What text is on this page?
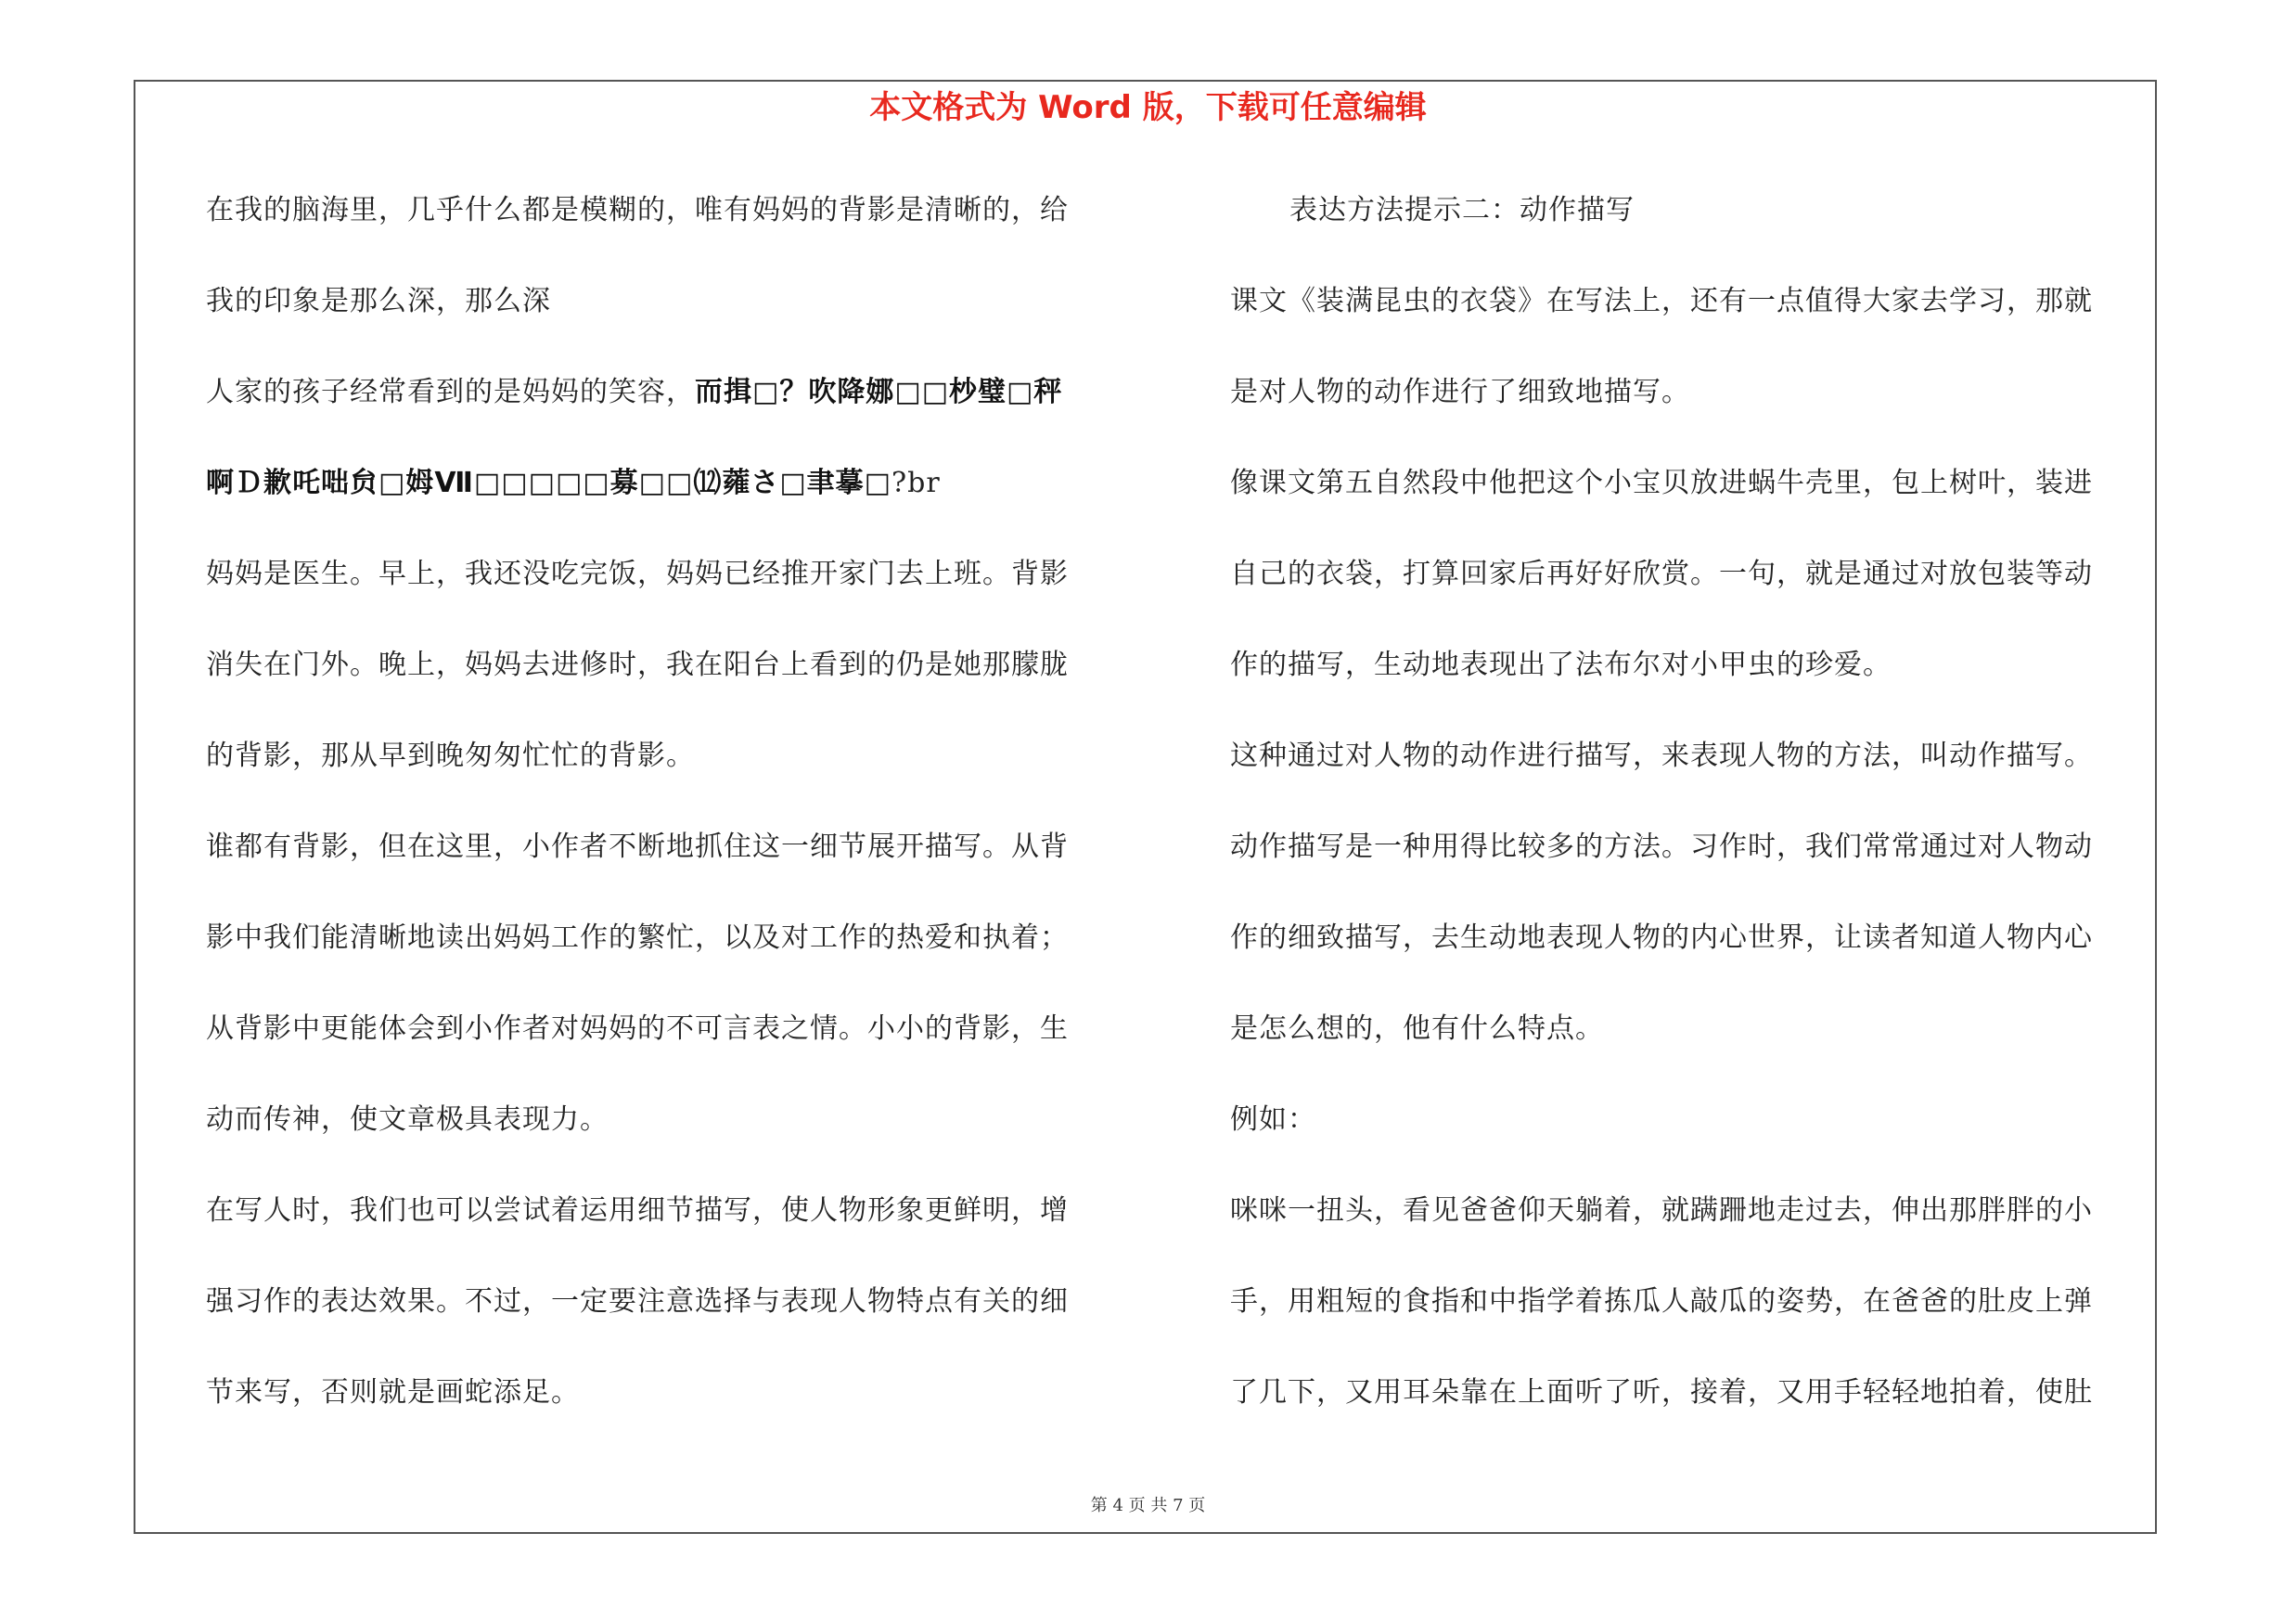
本文格式为 Word 版，下载可任意编辑
在我的脑海里，几乎什么都是模糊的，唯有妈妈的背影是清晰的，给
我的印象是那么深，那么深
人家的孩子经常看到的是妈妈的笑容，而揖□？吹降娜□□杪璧□秤
啊Ｄ歉吒咄贠□姆Ⅶ□□□□□募□□⑿蕹さ□聿摹□?br
妈妈是医生。早上，我还没吃完饭，妈妈已经推开家门去上班。背影
消失在门外。晚上，妈妈去进修时，我在阳台上看到的仍是她那朦胧
的背影，那从早到晚匆匆忙忙的背影。
谁都有背影，但在这里，小作者不断地抓住这一细节展开描写。从背
影中我们能清晰地读出妈妈工作的繁忙，以及对工作的热爱和执着；
从背影中更能体会到小作者对妈妈的不可言表之情。小小的背影，生
动而传神，使文章极具表现力。
在写人时，我们也可以尝试着运用细节描写，使人物形象更鲜明，增
强习作的表达效果。不过，一定要注意选择与表现人物特点有关的细
节来写，否则就是画蛇添足。
表达方法提示二：动作描写
课文《装满昆虫的衣袋》在写法上，还有一点值得大家去学习，那就
是对人物的动作进行了细致地描写。
像课文第五自然段中他把这个小宝贝放进蜗牛壳里，包上树叶，装进
自己的衣袋，打算回家后再好好欣赏。一句，就是通过对放包装等动
作的描写，生动地表现出了法布尔对小甲虫的珍爱。
这种通过对人物的动作进行描写，来表现人物的方法，叫动作描写。
动作描写是一种用得比较多的方法。习作时，我们常常通过对人物动
作的细致描写，去生动地表现人物的内心世界，让读者知道人物内心
是怎么想的，他有什么特点。
例如：
咪咪一扭头，看见爸爸仰天躺着，就蹒跚地走过去，伸出那胖胖的小
手，用粗短的食指和中指学着拣瓜人敲瓜的姿势，在爸爸的肚皮上弹
了几下，又用耳朵靠在上面听了听，接着，又用手轻轻地拍着，使肚
第 4 页 共 7 页
